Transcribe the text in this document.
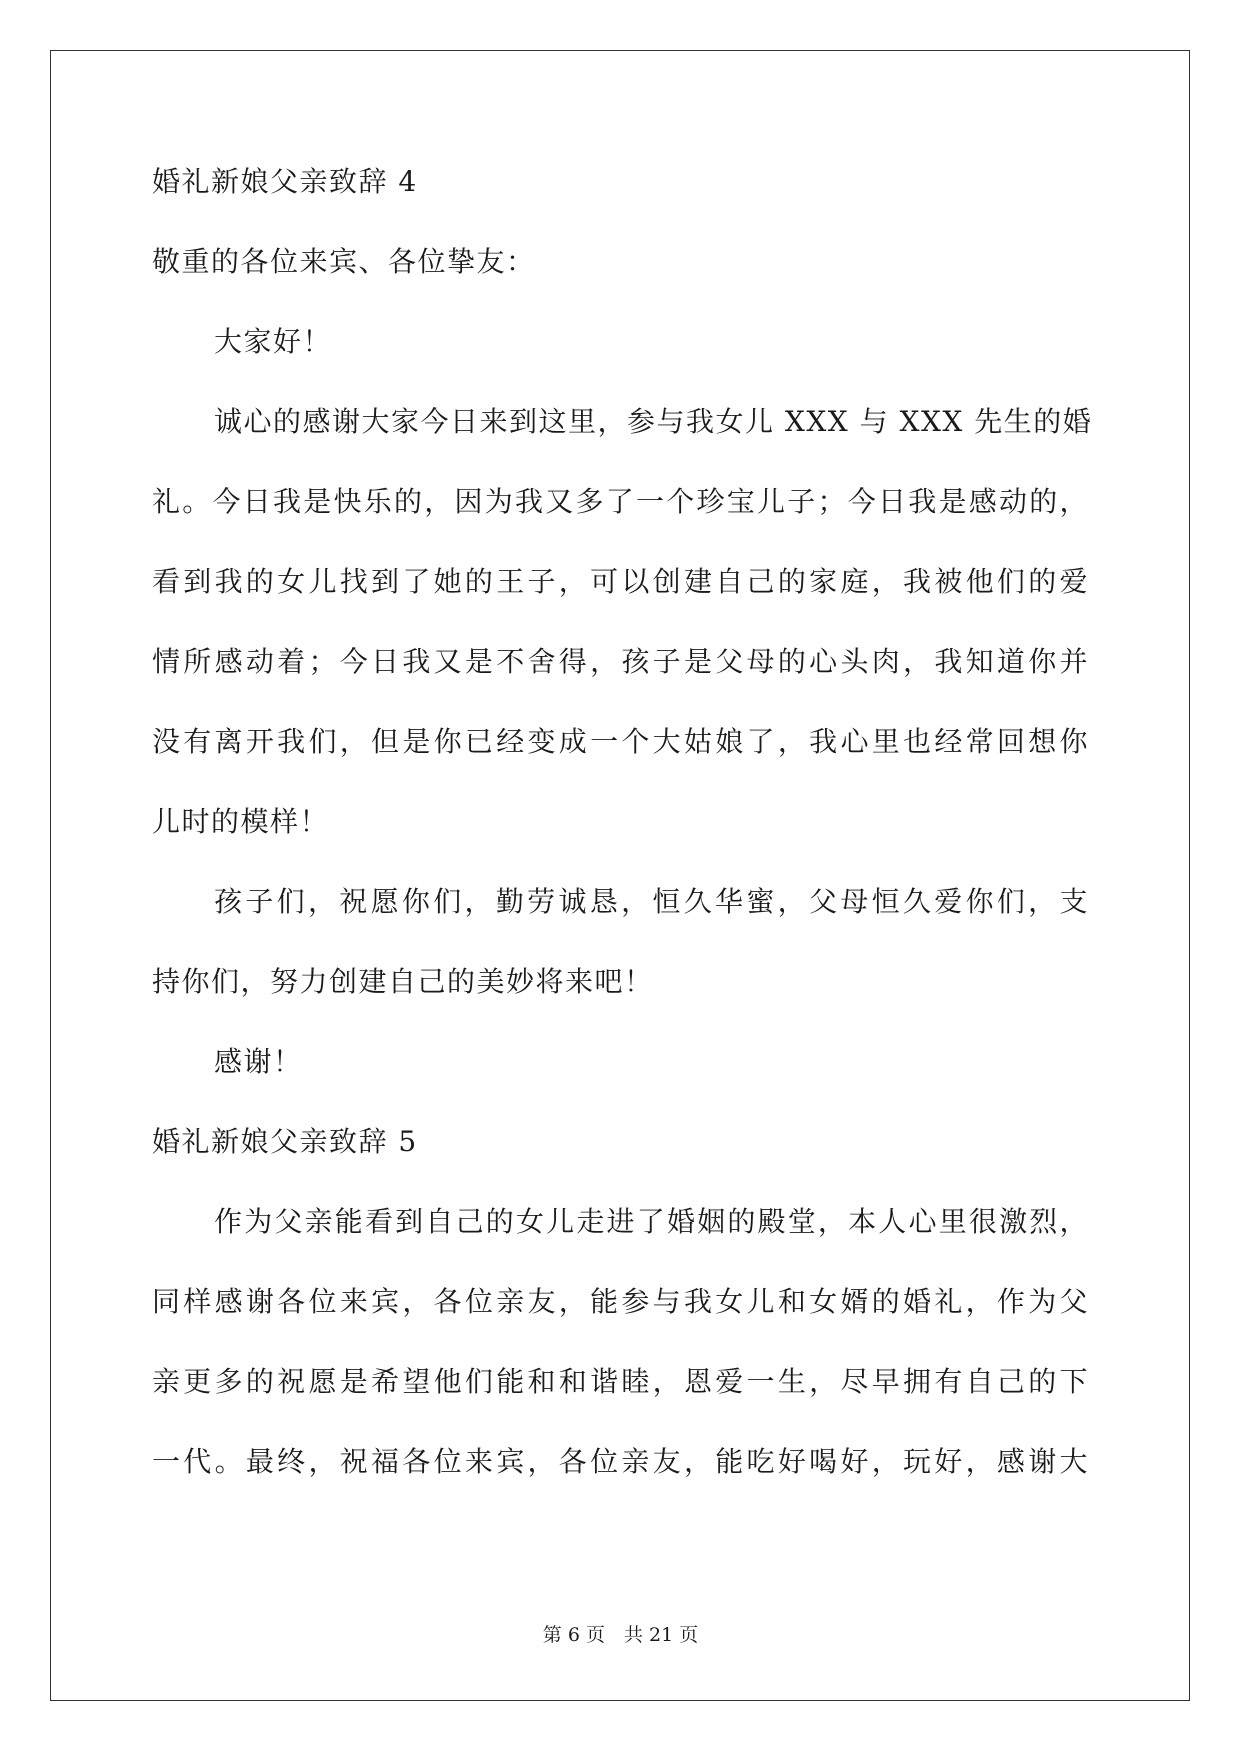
婚礼新娘父亲致辞 4
敬重的各位来宾、各位挚友：
大家好！
诚心的感谢大家今日来到这里，参与我女儿 XXX 与 XXX 先生的婚
礼。今日我是快乐的，因为我又多了一个珍宝儿子；今日我是感动的，
看到我的女儿找到了她的王子，可以创建自己的家庭，我被他们的爱
情所感动着；今日我又是不舍得，孩子是父母的心头肉，我知道你并
没有离开我们，但是你已经变成一个大姑娘了，我心里也经常回想你
儿时的模样！
孩子们，祝愿你们，勤劳诚恳，恒久华蜜，父母恒久爱你们，支
持你们，努力创建自己的美妙将来吧！
感谢！
婚礼新娘父亲致辞 5
作为父亲能看到自己的女儿走进了婚姻的殿堂，本人心里很激烈，
同样感谢各位来宾，各位亲友，能参与我女儿和女婿的婚礼，作为父
亲更多的祝愿是希望他们能和和谐睦，恩爱一生，尽早拥有自己的下
一代。最终，祝福各位来宾，各位亲友，能吃好喝好，玩好，感谢大
第 6 页　共 21 页
